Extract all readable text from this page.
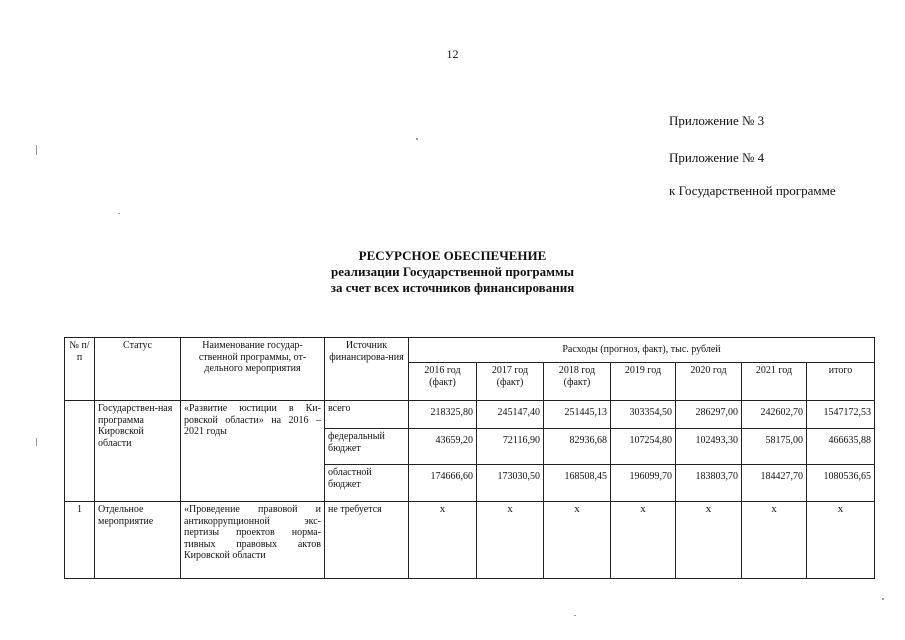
12
Приложение № 3
Приложение № 4
к Государственной программе
РЕСУРСНОЕ ОБЕСПЕЧЕНИЕ
реализации Государственной программы
за счет всех источников финансирования
№ п/п	Статус	Наименование государ-ственной программы, от-дельного мероприятия	Источник финансирова-ния	Расходы (прогноз, факт), тыс. рублей						
				2016 год (факт)	2017 год (факт)	2018 год (факт)	2019 год	2020 год	2021 год	итого
	Государствен-ная программа Кировской области	«Развитие юстиции в Ки-ровской области» на 2016 – 2021 годы	всего	218325,80	245147,40	251445,13	303354,50	286297,00	242602,70	1547172,53
			федеральный бюджет	43659,20	72116,90	82936,68	107254,80	102493,30	58175,00	466635,88
			областной бюджет	174666,60	173030,50	168508,45	196099,70	183803,70	184427,70	1080536,65
1	Отдельное мероприятие	«Проведение правовой и антикоррупционной экс-пертизы проектов норма-тивных правовых актов Кировской области	не требуется	х	х	х	х	х	х	х
